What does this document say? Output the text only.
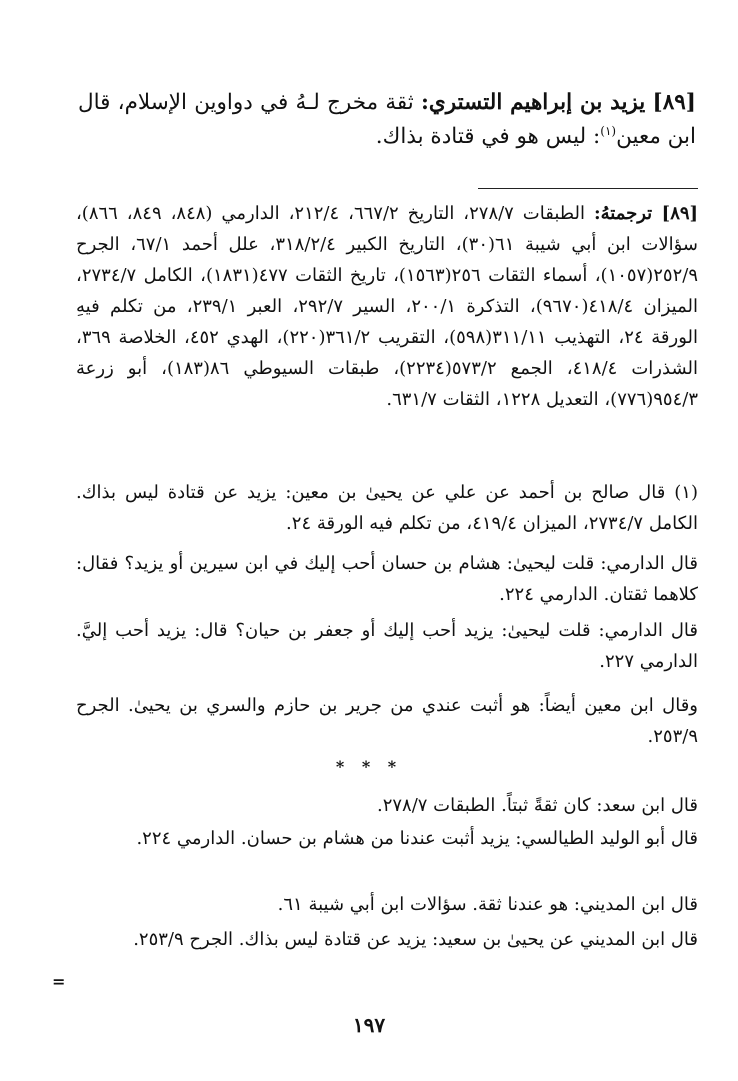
[٨٩] يزيد بن إبراهيم التستري: ثقة مخرج لـهُ في دواوين الإسلام، قال ابن معين$^{(١)}$: ليس هو في قتادة بذاك.
[٨٩] ترجمتهُ: الطبقات ٢٧٨/٧، التاريخ ٦٦٧/٢، ٢١٢/٤، الدارمي (٨٤٨، ٨٤٩، ٨٦٦)، سؤالات ابن أبي شيبة ٦١(٣٠)، التاريخ الكبير ٣١٨/٢/٤، علل أحمد ٦٧/١، الجرح ٢٥٢/٩(١٠٥٧)، أسماء الثقات ٢٥٦(١٥٦٣)، تاريخ الثقات ٤٧٧(١٨٣١)، الكامل ٢٧٣٤/٧، الميزان ٤١٨/٤(٩٦٧٠)، التذكرة ٢٠٠/١، السير ٢٩٢/٧، العبر ٢٣٩/١، من تكلم فيهِ الورقة ٢٤، التهذيب ٣١١/١١(٥٩٨)، التقريب ٣٦١/٢(٢٢٠)، الهدي ٤٥٢، الخلاصة ٣٦٩، الشذرات ٤١٨/٤، الجمع ٥٧٣/٢(٢٢٣٤)، طبقات السيوطي ٨٦(١٨٣)، أبو زرعة ٩٥٤/٣(٧٧٦)، التعديل ١٢٢٨، الثقات ٦٣١/٧.
(١) قال صالح بن أحمد عن علي عن يحيىٰ بن معين: يزيد عن قتادة ليس بذاك. الكامل ٢٧٣٤/٧، الميزان ٤١٩/٤، من تكلم فيه الورقة ٢٤.
قال الدارمي: قلت ليحيىٰ: هشام بن حسان أحب إليك في ابن سيرين أو يزيد؟ فقال: كلاهما ثقتان. الدارمي ٢٢٤.
قال الدارمي: قلت ليحيىٰ: يزيد أحب إليك أو جعفر بن حيان؟ قال: يزيد أحب إليَّ. الدارمي ٢٢٧.
وقال ابن معين أيضاً: هو أثبت عندي من جرير بن حازم والسري بن يحيىٰ. الجرح ٢٥٣/٩.
* * *
قال ابن سعد: كان ثقةً ثبتاً. الطبقات ٢٧٨/٧.
قال أبو الوليد الطيالسي: يزيد أثبت عندنا من هشام بن حسان. الدارمي ٢٢٤.
قال ابن المديني: هو عندنا ثقة. سؤالات ابن أبي شيبة ٦١.
قال ابن المديني عن يحيىٰ بن سعيد: يزيد عن قتادة ليس بذاك. الجرح ٢٥٣/٩.
=
١٩٧
